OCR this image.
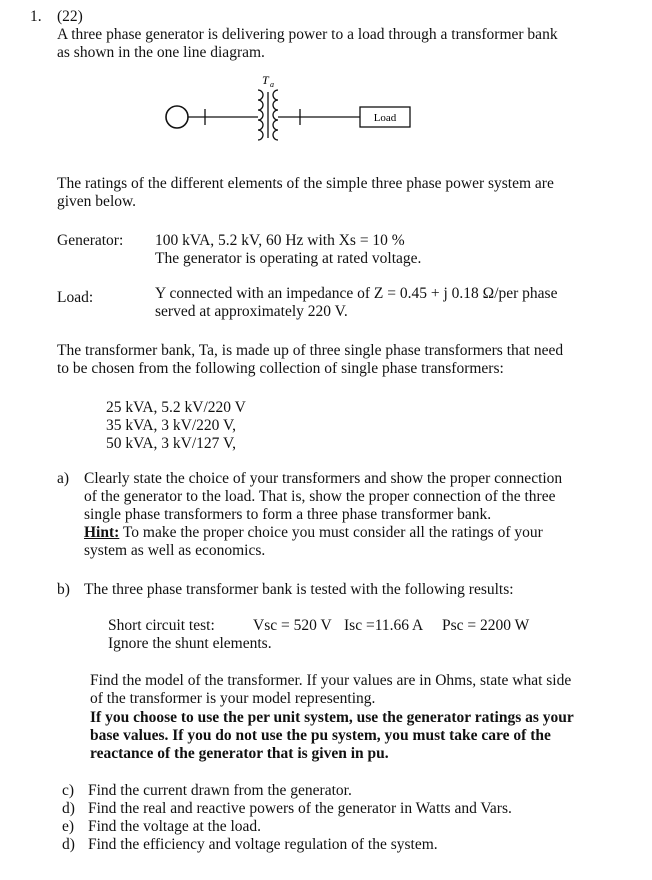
1. (22)
A three phase generator is delivering power to a load through a transformer bank
as shown in the one line diagram.
Load
T a
The ratings of the different elements of the simple three phase power system are
given below.
Generator: 100 kVA, 5.2 kV, 60 Hz with Xs = 10 %
The generator is operating at rated voltage.
Load:	Y connected with an impedance of Z = 0.45 + j 0.18 Ω/per phase
served at approximately 220 V.
The transformer bank, Ta, is made up of three single phase transformers that need
to be chosen from the following collection of single phase transformers:
25 kVA, 5.2 kV/220 V
35 kVA, 3 kV/220 V,
50 kVA, 3 kV/127 V,
a) Clearly state the choice of your transformers and show the proper connection
of the generator to the load. That is, show the proper connection of the three
single phase transformers to form a three phase transformer bank.
Hint: To make the proper choice you must consider all the ratings of your
system as well as economics.
b) The three phase transformer bank is tested with the following results:
Short circuit test: Vsc = 520 V Isc =11.66 A Psc = 2200 W
Ignore the shunt elements.
Find the model of the transformer. If your values are in Ohms, state what side
of the transformer is your model representing.
If you choose to use the per unit system, use the generator ratings as your
base values. If you do not use the pu system, you must take care of the
reactance of the generator that is given in pu.
c) Find the current drawn from the generator.
d) Find the real and reactive powers of the generator in Watts and Vars.
e) Find the voltage at the load.
d) Find the efficiency and voltage regulation of the system.
